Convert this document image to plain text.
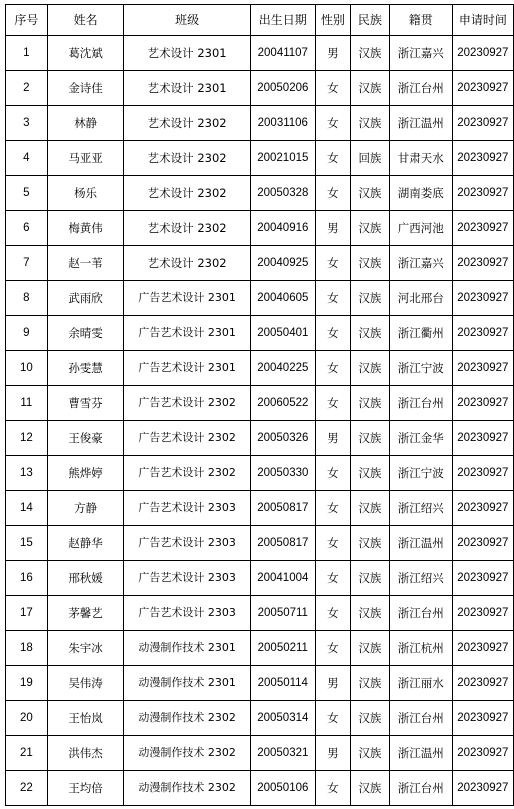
序号	姓名	班级	出生日期	性别	民族	籍贯	申请时间
1	葛沈斌	艺术设计 2301	20041107	男	汉族	浙江嘉兴	20230927
2	金诗佳	艺术设计 2301	20050206	女	汉族	浙江台州	20230927
3	林静	艺术设计 2302	20031106	女	汉族	浙江温州	20230927
4	马亚亚	艺术设计 2302	20021015	女	回族	甘肃天水	20230927
5	杨乐	艺术设计 2302	20050328	女	汉族	湖南娄底	20230927
6	梅黄伟	艺术设计 2302	20040916	男	汉族	广西河池	20230927
7	赵一苇	艺术设计 2302	20040925	女	汉族	浙江嘉兴	20230927
8	武雨欣	广告艺术设计 2301	20040605	女	汉族	河北邢台	20230927
9	余晴雯	广告艺术设计 2301	20050401	女	汉族	浙江衢州	20230927
10	孙雯慧	广告艺术设计 2301	20040225	女	汉族	浙江宁波	20230927
11	曹雪芬	广告艺术设计 2302	20060522	女	汉族	浙江台州	20230927
12	王俊豪	广告艺术设计 2302	20050326	男	汉族	浙江金华	20230927
13	熊烨婷	广告艺术设计 2302	20050330	女	汉族	浙江宁波	20230927
14	方静	广告艺术设计 2303	20050817	女	汉族	浙江绍兴	20230927
15	赵静华	广告艺术设计 2303	20050817	女	汉族	浙江温州	20230927
16	邢秋媛	广告艺术设计 2303	20041004	女	汉族	浙江绍兴	20230927
17	茅馨艺	广告艺术设计 2303	20050711	女	汉族	浙江台州	20230927
18	朱宇冰	动漫制作技术 2301	20050211	女	汉族	浙江杭州	20230927
19	吴伟涛	动漫制作技术 2301	20050114	男	汉族	浙江丽水	20230927
20	王怡岚	动漫制作技术 2302	20050314	女	汉族	浙江台州	20230927
21	洪伟杰	动漫制作技术 2302	20050321	男	汉族	浙江温州	20230927
22	王均倍	动漫制作技术 2302	20050106	女	汉族	浙江台州	20230927
